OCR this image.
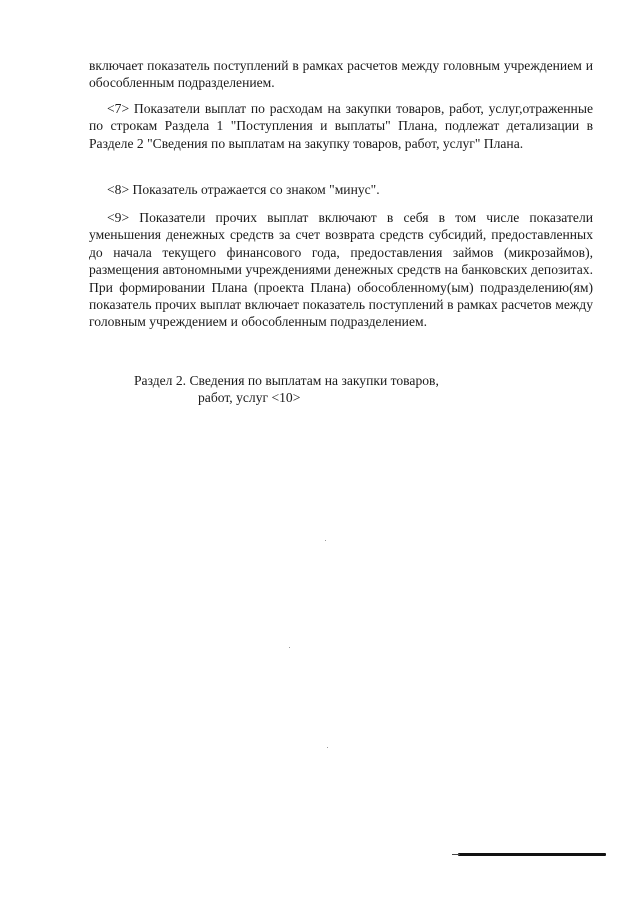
включает показатель поступлений в рамках расчетов между головным учреждением и обособленным подразделением.

<7> Показатели выплат по расходам на закупки товаров, работ, услуг,отраженные по строкам Раздела 1 "Поступления и выплаты" Плана, подлежат детализации в Разделе 2 "Сведения по выплатам на закупку товаров, работ, услуг" Плана.

<8> Показатель отражается со знаком "минус".

<9> Показатели прочих выплат включают в себя в том числе показатели уменьшения денежных средств за счет возврата средств субсидий, предоставленных до начала текущего финансового года, предоставления займов (микрозаймов), размещения автономными учреждениями денежных средств на банковских депозитах. При формировании Плана (проекта Плана) обособленному(ым) подразделению(ям) показатель прочих выплат включает показатель поступлений в рамках расчетов между головным учреждением и обособленным подразделением.

Раздел 2. Сведения по выплатам на закупки товаров,
работ, услуг <10>
